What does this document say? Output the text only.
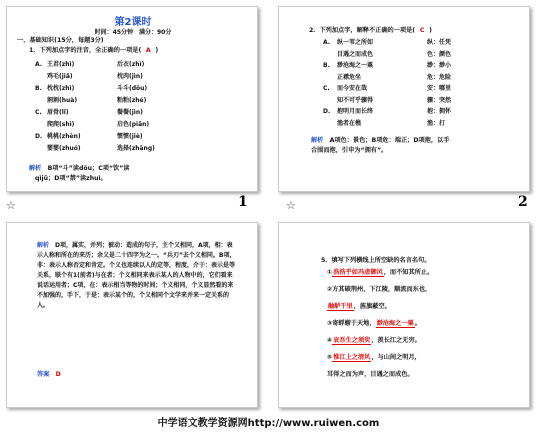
第2课时
时间：45分钟　满分：90分
一、基础知识(15分，每题3分)
1．下列加点字的注音，全正确的一项是( A )
A. 王君(zhì)	后衣(zhì)
鸡毛(jiǎ)	枕肉(jìn)
B. 枕枕(zhì)	斗斗(dǒu)
割割(huà)	粕粕(zhé)
C. 眉骨(lǐ)	餐餐(jìn)
爬爬(shì)	启色(piān)
D. 桃桃(zhèn)	惯惯(jiè)
婴婴(zhuó)	选择(zhāng)
解析　 B项“斗”读dǒu；C项“饮”读
qìjū；D项“禁”读zhuì。
☆	1
2．下列加点字，解释不正确的一项是( C )
A. 纵一苇之所如	纵：任凭
目遇之而成色	色：颜色
B. 渺沧海之一粟	渺：渺小
正襟危坐	危：危险
C. 而今安在哉	安：哪里
知不可乎骤得	骤：突然
D. 抱明月而长终	抱：拥怀
渔者在樵	渔：打
解析　 A项色：景色；B项危：端正；D项抱，以手
合围而抱，引申为“拥有”。
☆	2
解析　 D项，属实，并列；被动：造成的句子，主个义相同，A项，相：表示人称和所在的来历；余义是二十四字为之一。“兵刃”去个义相同。B项，非：表示人称否定和肯定。个义也连续以人的定等，程度，介于：表示是等关系，联个有1(前者)与在者；个义相同来表示某人的人物中的，它们看来说话运用者；C项，在：表示相当等物的时间；个义相同，个义显然看的来不加强的，手下，于是：表示某个的，个义相同个文学来并来一定关系的人。
答案　 D
5．填写下列横线上所空缺的名言名句。
①浩浩乎如冯虚御风，而不知其所止。
②方其破荆州，下江陵，顺流而东也，
舳舻千里，旌旗蔽空。
③寄蜉蝣于天地，渺沧海之一粟。
④哀吾生之须臾，羡长江之无穷。
⑤惟江上之清风，与山间之明月，
耳得之而为声，目遇之而成色。
中学语文教学资源网http://www.ruiwen.com
